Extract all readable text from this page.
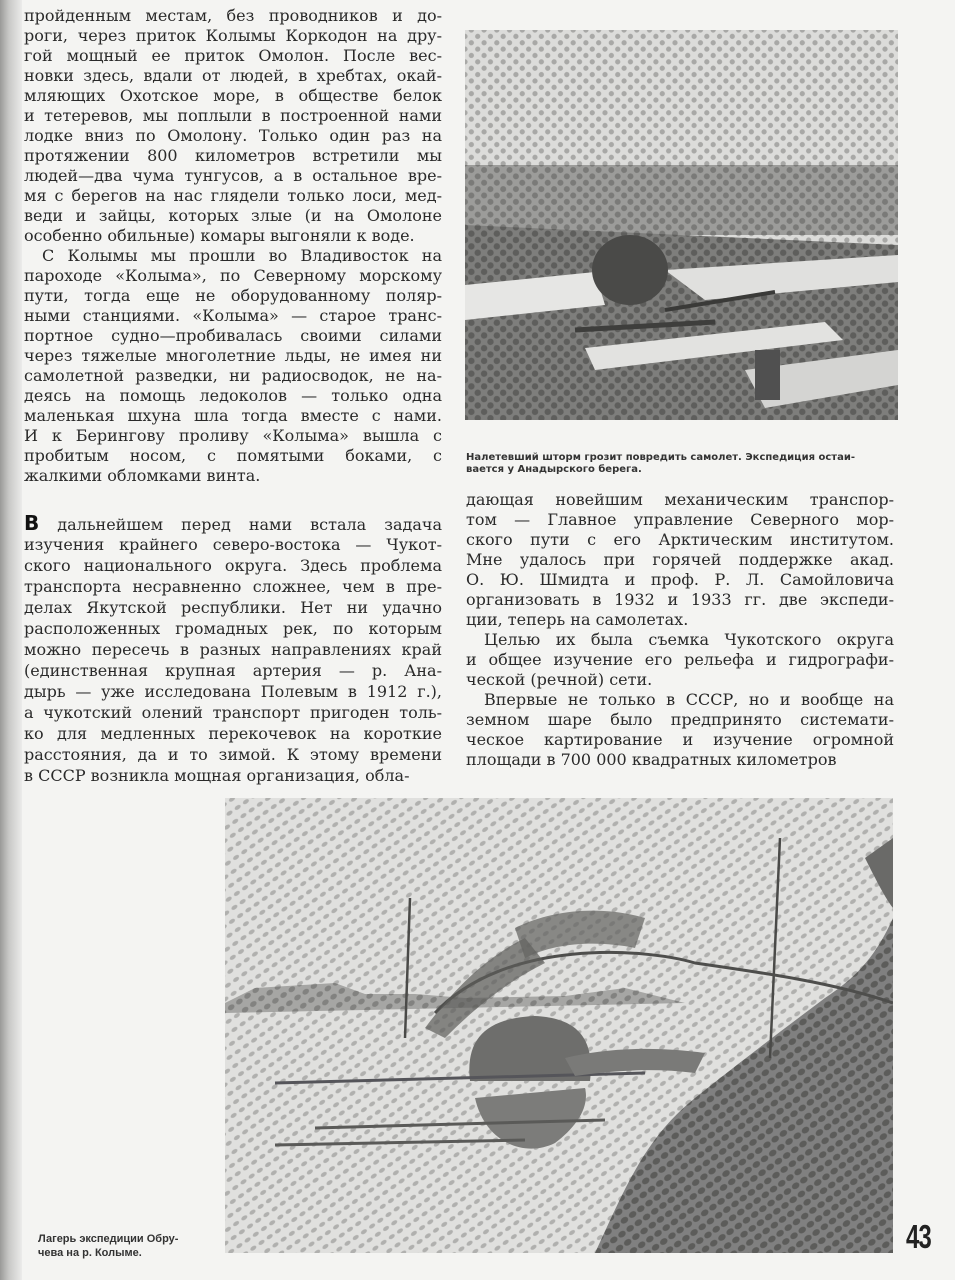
пройденным местам, без проводников и до-

роги, через приток Колымы Коркодон на дру-

гой мощный ее приток Омолон. После вес-

новки здесь, вдали от людей, в хребтах, окай-

мляющих Охотское море, в обществе белок

и тетеревов, мы поплыли в построенной нами

лодке вниз по Омолону. Только один раз на

протяжении 800 километров встретили мы

людей—два чума тунгусов, а в остальное вре-

мя с берегов на нас глядели только лоси, мед-

веди и зайцы, которых злые (и на Омолоне

особенно обильные) комары выгоняли к воде.

С Колымы мы прошли во Владивосток на

пароходе «Колыма», по Северному морскому

пути, тогда еще не оборудованному поляр-

ными станциями. «Колыма» — старое транс-

портное судно—пробивалась своими силами

через тяжелые многолетние льды, не имея ни

самолетной разведки, ни радиосводок, не на-

деясь на помощь ледоколов — только одна

маленькая шхуна шла тогда вместе с нами.

И к Берингову проливу «Колыма» вышла с

пробитым носом, с помятыми боками, с

жалкими обломками винта.

В дальнейшем перед нами встала задача

изучения крайнего северо-востока — Чукот-

ского национального округа. Здесь проблема

транспорта несравненно сложнее, чем в пре-

делах Якутской республики. Нет ни удачно

расположенных громадных рек, по которым

можно пересечь в разных направлениях край

(единственная крупная артерия — р. Ана-

дырь — уже исследована Полевым в 1912 г.),

а чукотский олений транспорт пригоден толь-

ко для медленных перекочевок на короткие

расстояния, да и то зимой. К этому времени

в СССР возникла мощная организация, обла-

Налетевший шторм грозит повредить самолет. Экспедиция остаи-
вается у Анадырского берега.

дающая новейшим механическим транспор-

том — Главное управление Северного мор-

ского пути с его Арктическим институтом.

Мне удалось при горячей поддержке акад.

О. Ю. Шмидта и проф. Р. Л. Самойловича

организовать в 1932 и 1933 гг. две экспеди-

ции, теперь на самолетах.

Целью их была съемка Чукотского округа

и общее изучение его рельефа и гидрографи-

ческой (речной) сети.

Впервые не только в СССР, но и вообще на

земном шаре было предпринято системати-

ческое картирование и изучение огромной

площади в 700 000 квадратных километров

Лагерь экспедиции Обру-
чева на р. Колыме.	43
